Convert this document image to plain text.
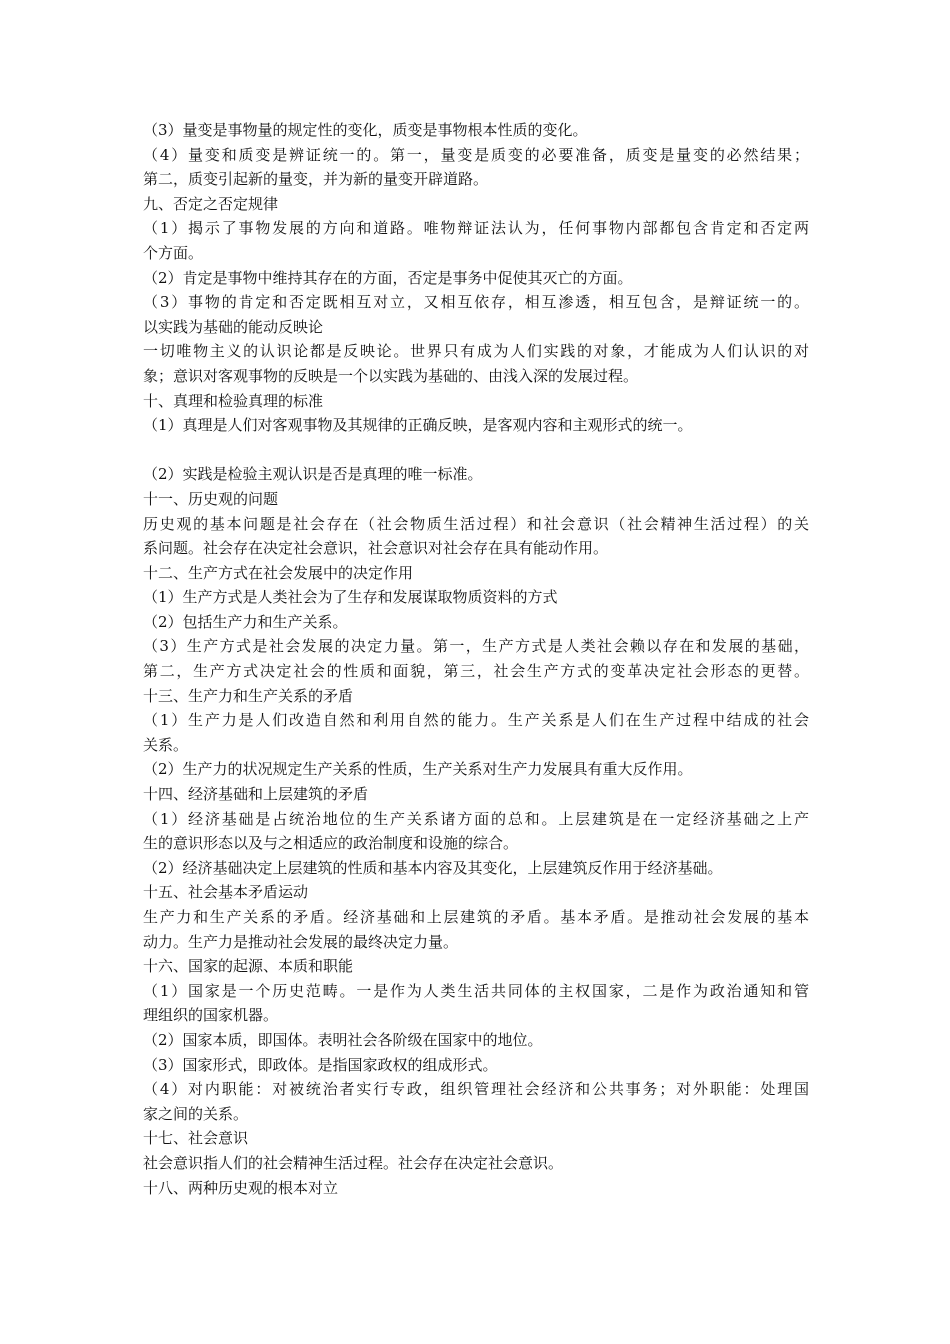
（3）量变是事物量的规定性的变化，质变是事物根本性质的变化。
（4）量变和质变是辨证统一的。第一，量变是质变的必要准备，质变是量变的必然结果；
第二，质变引起新的量变，并为新的量变开辟道路。
九、否定之否定规律
（1）揭示了事物发展的方向和道路。唯物辩证法认为，任何事物内部都包含肯定和否定两
个方面。
（2）肯定是事物中维持其存在的方面，否定是事务中促使其灭亡的方面。
（3）事物的肯定和否定既相互对立，又相互依存，相互渗透，相互包含，是辩证统一的。
以实践为基础的能动反映论
一切唯物主义的认识论都是反映论。世界只有成为人们实践的对象，才能成为人们认识的对
象；意识对客观事物的反映是一个以实践为基础的、由浅入深的发展过程。
十、真理和检验真理的标准
（1）真理是人们对客观事物及其规律的正确反映，是客观内容和主观形式的统一。
（2）实践是检验主观认识是否是真理的唯一标准。
十一、历史观的问题
历史观的基本问题是社会存在（社会物质生活过程）和社会意识（社会精神生活过程）的关
系问题。社会存在决定社会意识，社会意识对社会存在具有能动作用。
十二、生产方式在社会发展中的决定作用
（1）生产方式是人类社会为了生存和发展谋取物质资料的方式
（2）包括生产力和生产关系。
（3）生产方式是社会发展的决定力量。第一，生产方式是人类社会赖以存在和发展的基础，
第二，生产方式决定社会的性质和面貌，第三，社会生产方式的变革决定社会形态的更替。
十三、生产力和生产关系的矛盾
（1）生产力是人们改造自然和利用自然的能力。生产关系是人们在生产过程中结成的社会
关系。
（2）生产力的状况规定生产关系的性质，生产关系对生产力发展具有重大反作用。
十四、经济基础和上层建筑的矛盾
（1）经济基础是占统治地位的生产关系诸方面的总和。上层建筑是在一定经济基础之上产
生的意识形态以及与之相适应的政治制度和设施的综合。
（2）经济基础决定上层建筑的性质和基本内容及其变化，上层建筑反作用于经济基础。
十五、社会基本矛盾运动
生产力和生产关系的矛盾。经济基础和上层建筑的矛盾。基本矛盾。是推动社会发展的基本
动力。生产力是推动社会发展的最终决定力量。
十六、国家的起源、本质和职能
（1）国家是一个历史范畴。一是作为人类生活共同体的主权国家，二是作为政治通知和管
理组织的国家机器。
（2）国家本质，即国体。表明社会各阶级在国家中的地位。
（3）国家形式，即政体。是指国家政权的组成形式。
（4）对内职能：对被统治者实行专政，组织管理社会经济和公共事务；对外职能：处理国
家之间的关系。
十七、社会意识
社会意识指人们的社会精神生活过程。社会存在决定社会意识。
十八、两种历史观的根本对立
